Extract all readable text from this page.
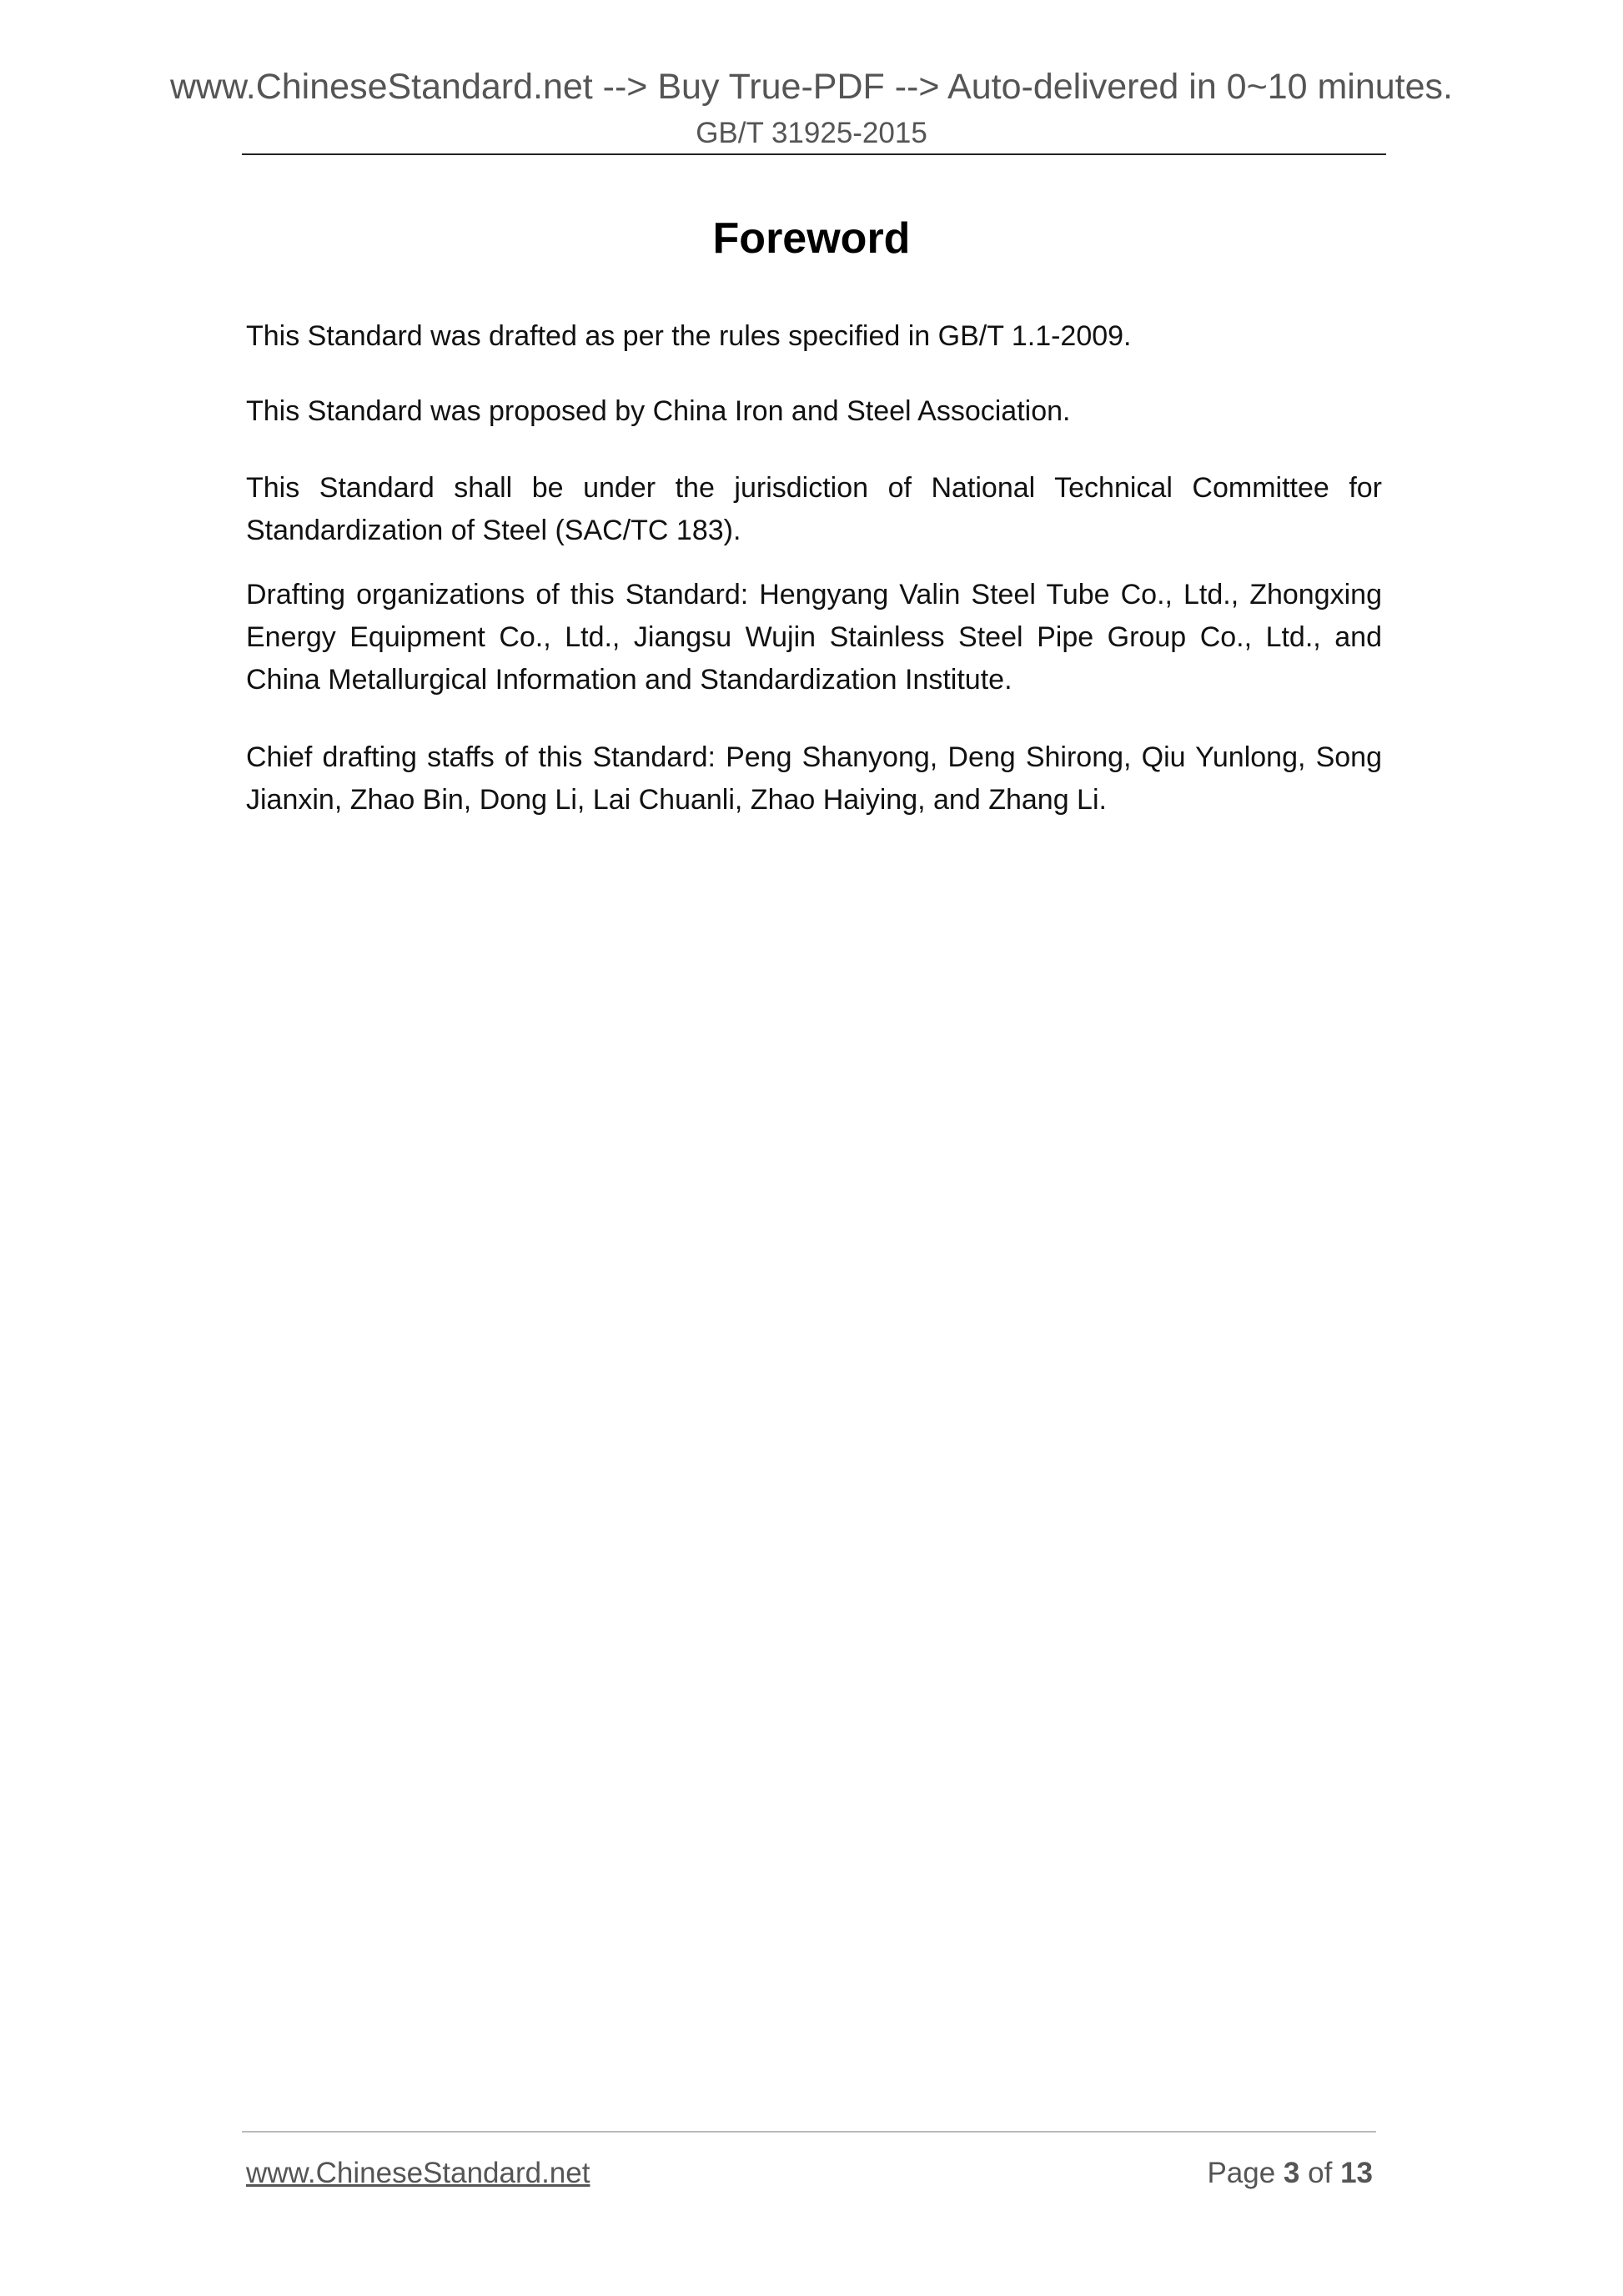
www.ChineseStandard.net --> Buy True-PDF --> Auto-delivered in 0~10 minutes.
GB/T 31925-2015
Foreword

This Standard was drafted as per the rules specified in GB/T 1.1-2009.

This Standard was proposed by China Iron and Steel Association.

This Standard shall be under the jurisdiction of National Technical Committee for Standardization of Steel (SAC/TC 183).

Drafting organizations of this Standard: Hengyang Valin Steel Tube Co., Ltd., Zhongxing Energy Equipment Co., Ltd., Jiangsu Wujin Stainless Steel Pipe Group Co., Ltd., and China Metallurgical Information and Standardization Institute.

Chief drafting staffs of this Standard: Peng Shanyong, Deng Shirong, Qiu Yunlong, Song Jianxin, Zhao Bin, Dong Li, Lai Chuanli, Zhao Haiying, and Zhang Li.

www.ChineseStandard.net	Page 3 of 13
